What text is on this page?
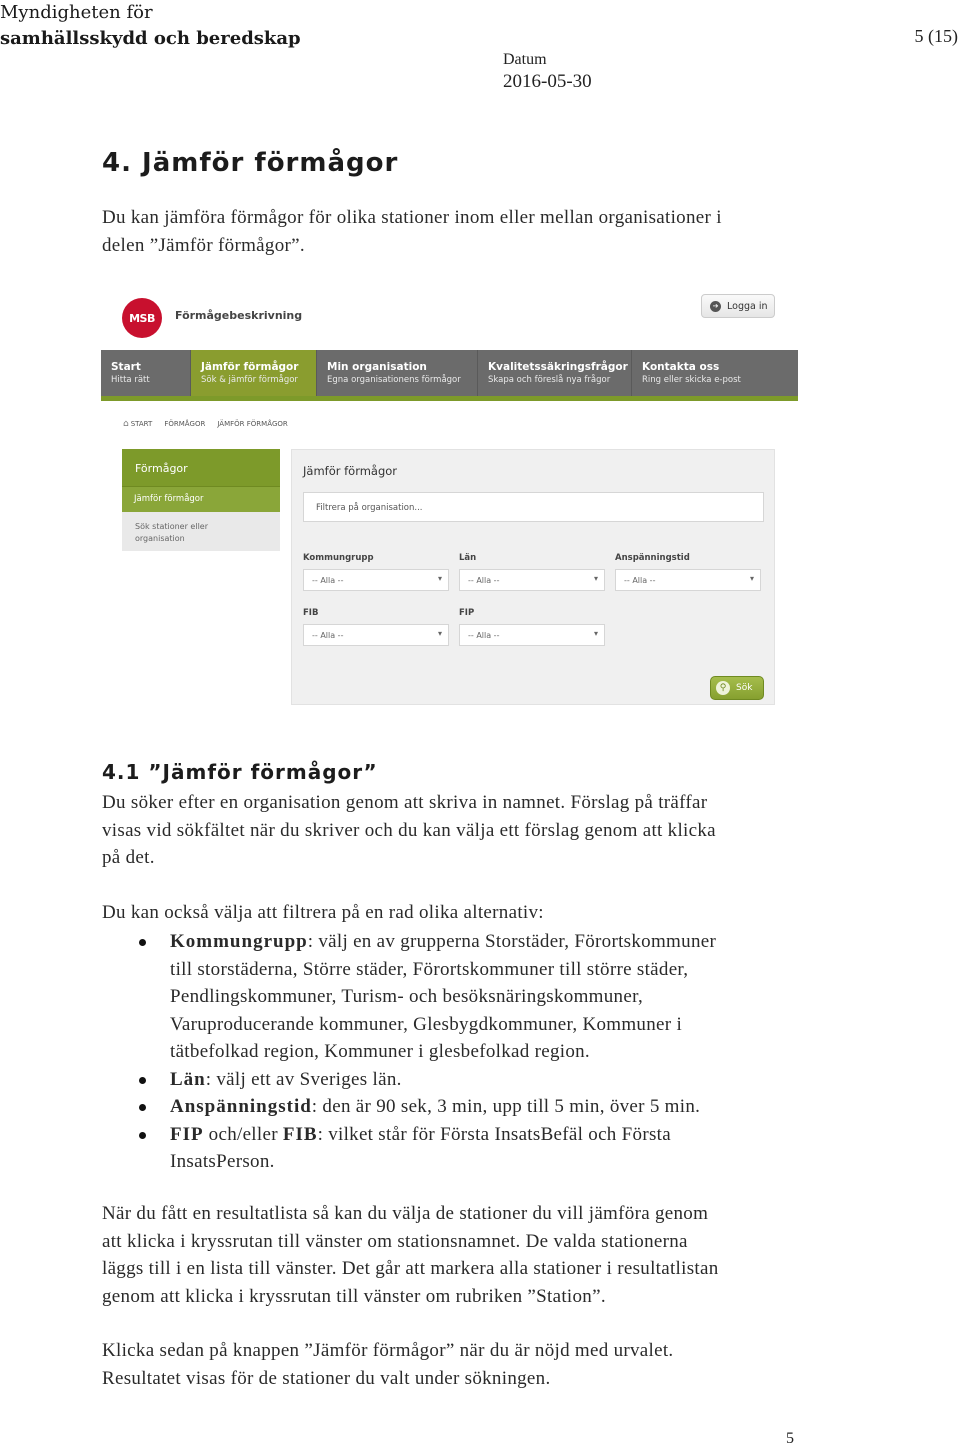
Myndigheten för
samhällsskydd och beredskap	5 (15)
Datum
2016-05-30
4. Jämför förmågor
Du kan jämföra förmågor för olika stationer inom eller mellan organisationer i
delen ”Jämför förmågor”.
MSB	Förmågebeskrivning
➔ Logga in
Start
Hitta rätt
Jämför förmågor
Sök & jämför förmågor
Min organisation
Egna organisationens förmågor
Kvalitetssäkringsfrågor
Skapa och föreslå nya frågor
Kontakta oss
Ring eller skicka e-post
⌂ START FÖRMÅGOR JÄMFÖR FÖRMÅGOR
Förmågor
Jämför förmågor
Sök stationer eller
organisation
Jämför förmågor
Filtrera på organisation...
Kommungrupp
-- Alla --	▾
Län
-- Alla --	▾
Anspänningstid
-- Alla --	▾
FIB
-- Alla --	▾
FIP
-- Alla --	▾
⚲	Sök
4.1 ”Jämför förmågor”
Du söker efter en organisation genom att skriva in namnet. Förslag på träffar
visas vid sökfältet när du skriver och du kan välja ett förslag genom att klicka
på det.
Du kan också välja att filtrera på en rad olika alternativ:
Kommungrupp: välj en av grupperna Storstäder, Förortskommuner
till storstäderna, Större städer, Förortskommuner till större städer,
Pendlingskommuner, Turism- och besöksnäringskommuner,
Varuproducerande kommuner, Glesbygdkommuner, Kommuner i
tätbefolkad region, Kommuner i glesbefolkad region.
Län: välj ett av Sveriges län.
Anspänningstid: den är 90 sek, 3 min, upp till 5 min, över 5 min.
FIP och/eller FIB: vilket står för Första InsatsBefäl och Första
InsatsPerson.
När du fått en resultatlista så kan du välja de stationer du vill jämföra genom
att klicka i kryssrutan till vänster om stationsnamnet. De valda stationerna
läggs till i en lista till vänster. Det går att markera alla stationer i resultatlistan
genom att klicka i kryssrutan till vänster om rubriken ”Station”.
Klicka sedan på knappen ”Jämför förmågor” när du är nöjd med urvalet.
Resultatet visas för de stationer du valt under sökningen.
5
